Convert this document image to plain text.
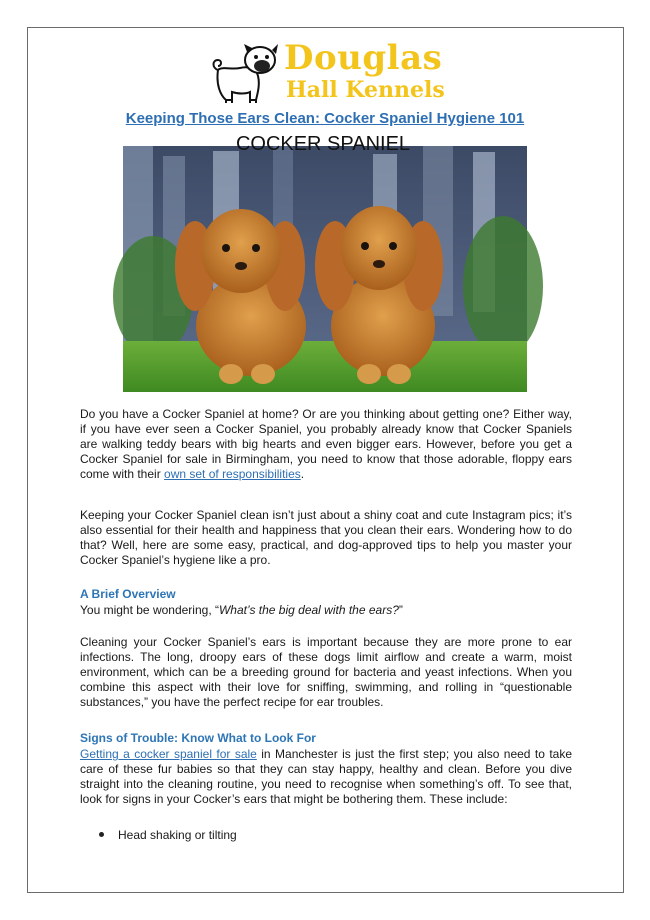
Douglas
Hall Kennels
Keeping Those Ears Clean: Cocker Spaniel Hygiene 101
COCKER SPANIEL
Do you have a Cocker Spaniel at home? Or are you thinking about getting one? Either way, if you have ever seen a Cocker Spaniel, you probably already know that Cocker Spaniels are walking teddy bears with big hearts and even bigger ears. However, before you get a Cocker Spaniel for sale in Birmingham, you need to know that those adorable, floppy ears come with their own set of responsibilities.
Keeping your Cocker Spaniel clean isn’t just about a shiny coat and cute Instagram pics; it’s also essential for their health and happiness that you clean their ears. Wondering how to do that? Well, here are some easy, practical, and dog-approved tips to help you master your Cocker Spaniel’s hygiene like a pro.
A Brief Overview
You might be wondering, “What’s the big deal with the ears?”
Cleaning your Cocker Spaniel’s ears is important because they are more prone to ear infections. The long, droopy ears of these dogs limit airflow and create a warm, moist environment, which can be a breeding ground for bacteria and yeast infections. When you combine this aspect with their love for sniffing, swimming, and rolling in “questionable substances,” you have the perfect recipe for ear troubles.
Signs of Trouble: Know What to Look For
Getting a cocker spaniel for sale in Manchester is just the first step; you also need to take care of these fur babies so that they can stay happy, healthy and clean. Before you dive straight into the cleaning routine, you need to recognise when something’s off. To see that, look for signs in your Cocker’s ears that might be bothering them. These include:
Head shaking or tilting
